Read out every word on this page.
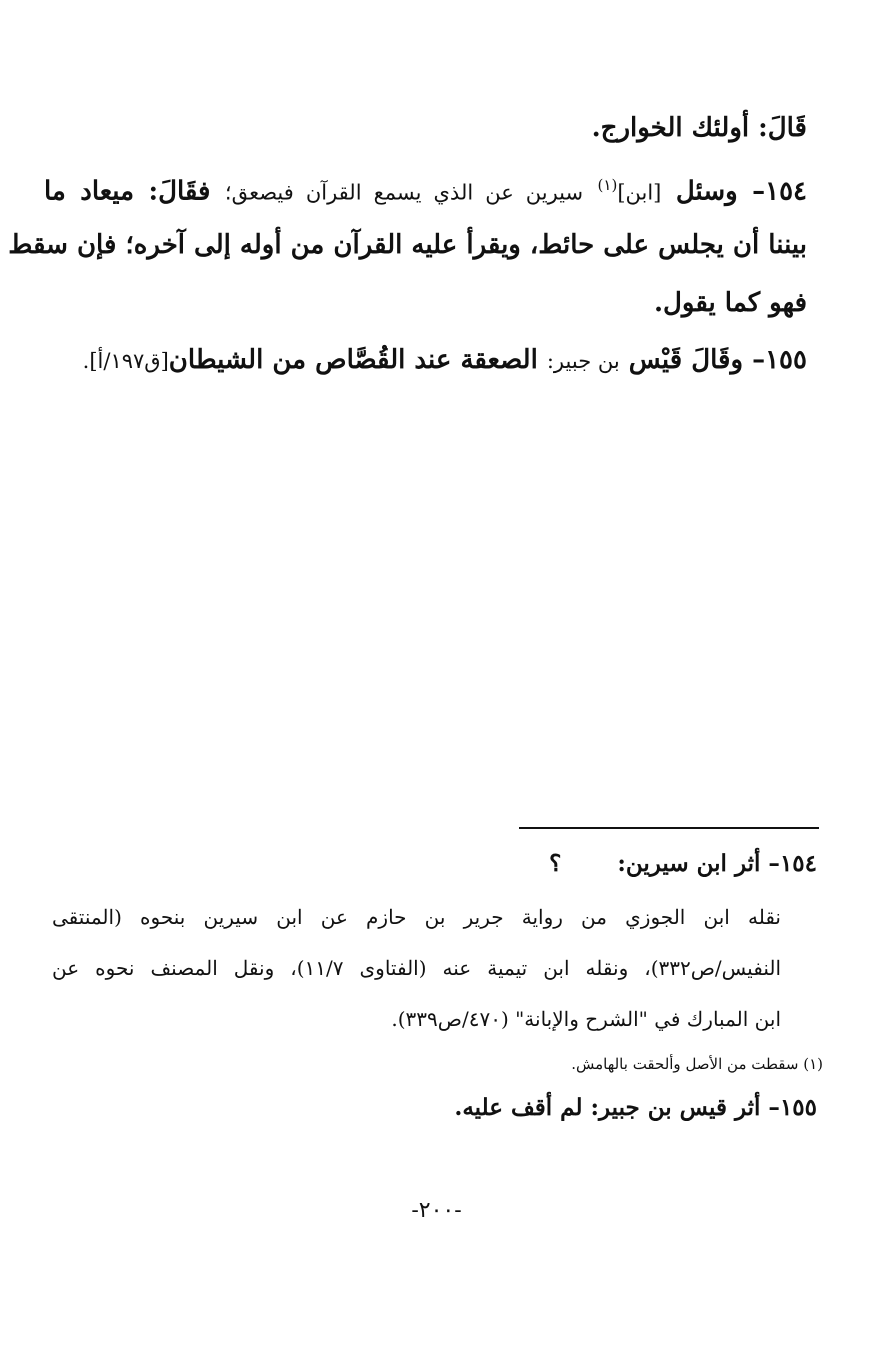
قَالَ: أولئك الخوارج.
١٥٤– وسئل [ابن]$^{(١)}$ سيرين عن الذي يسمع القرآن فيصعق؛ فقَالَ: ميعاد ما
بيننا أن يجلس على حائط، ويقرأ عليه القرآن من أوله إلى آخره؛ فإن سقط
فهو كما يقول.
١٥٥– وقَالَ قَيْس بن جبير: الصعقة عند القُصَّاص من الشيطان[ق١٩٧/أ].
١٥٤– أثر ابن سيرين:  ؟
نقله ابن الجوزي من رواية جرير بن حازم عن ابن سيرين بنحوه (المنتقى
النفيس/ص٣٣٢)، ونقله ابن تيمية عنه (الفتاوى ١١/٧)، ونقل المصنف نحوه عن
ابن المبارك في "الشرح والإبانة" (٤٧٠/ص٣٣٩).
(١) سقطت من الأصل وألحقت بالهامش.
١٥٥– أثر قيس بن جبير: لم أقف عليه.
-٢٠٠-
